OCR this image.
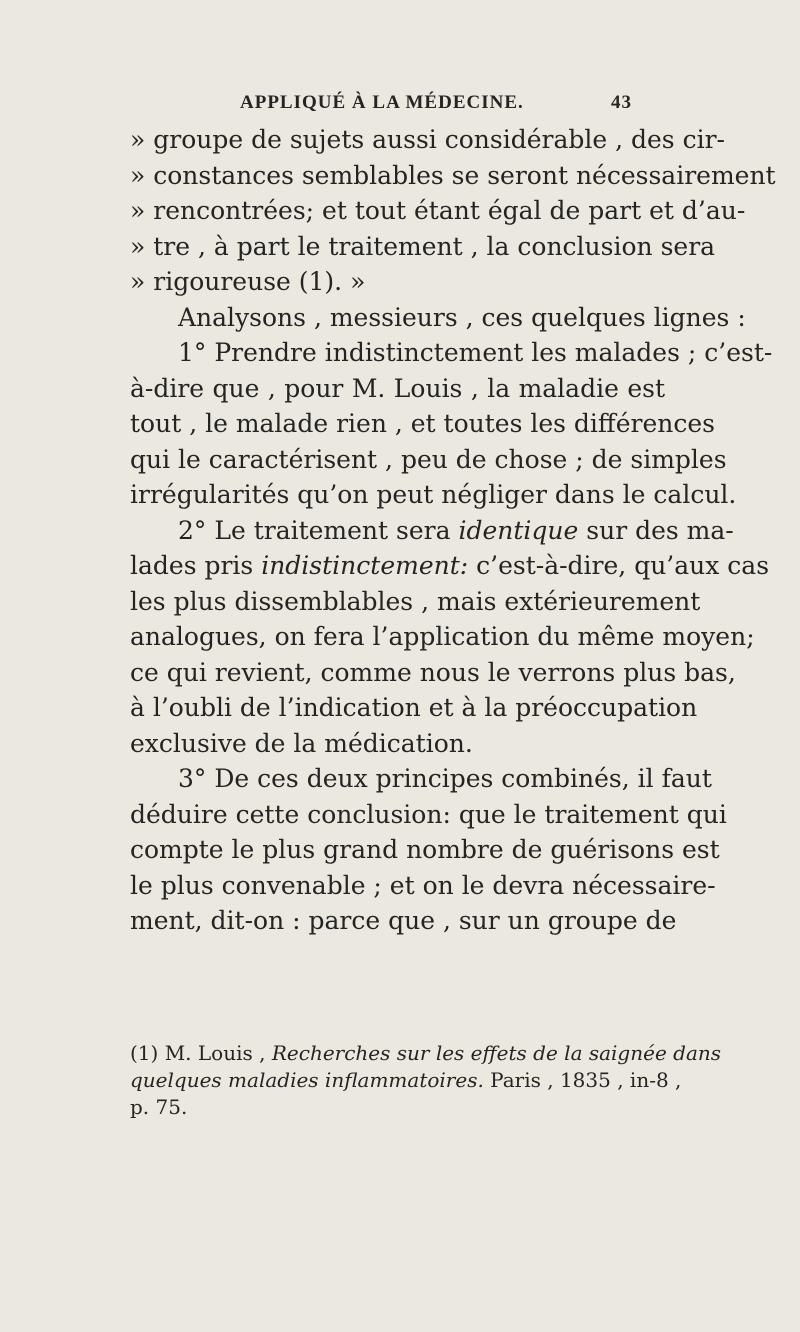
APPLIQUÉ À LA MÉDECINE.	43
» groupe de sujets aussi considérable , des cir-
» constances semblables se seront nécessairement
» rencontrées; et tout étant égal de part et d’au-
» tre , à part le traitement , la conclusion sera
» rigoureuse (1). »
Analysons , messieurs , ces quelques lignes :
1° Prendre indistinctement les malades ; c’est-
à-dire que , pour M. Louis , la maladie est
tout , le malade rien , et toutes les différences
qui le caractérisent , peu de chose ; de simples
irrégularités qu’on peut négliger dans le calcul.
2° Le traitement sera identique sur des ma-
lades pris indistinctement: c’est-à-dire, qu’aux cas
les plus dissemblables , mais extérieurement
analogues, on fera l’application du même moyen;
ce qui revient, comme nous le verrons plus bas,
à l’oubli de l’indication et à la préoccupation
exclusive de la médication.
3° De ces deux principes combinés, il faut
déduire cette conclusion: que le traitement qui
compte le plus grand nombre de guérisons est
le plus convenable ; et on le devra nécessaire-
ment, dit-on : parce que , sur un groupe de
(1) M. Louis , Recherches sur les effets de la saignée dans
quelques maladies inflammatoires. Paris , 1835 , in-8 ,
p. 75.
